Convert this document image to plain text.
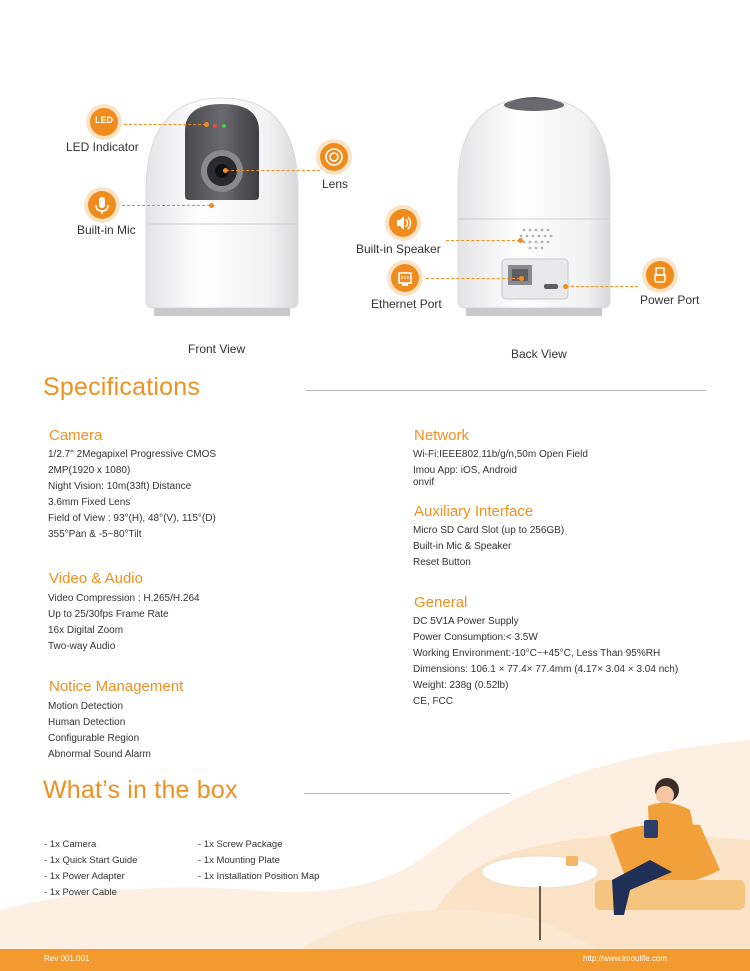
LED
LED Indicator
Built-in Mic
Lens
Front View
Built-in Speaker
Ethernet Port	Power Port
Back View
Specifications
Camera
1/2.7" 2Megapixel Progressive CMOS
2MP(1920 x 1080)
Night Vision: 10m(33ft) Distance
3.6mm Fixed Lens
Field of View : 93°(H), 48°(V), 115°(D)
355°Pan & -5~80°Tilt
Video & Audio
Video Compression : H.265/H.264
Up to 25/30fps Frame Rate
16x Digital Zoom
Two-way Audio
Notice Management
Motion Detection
Human Detection
Configurable Region
Abnormal Sound Alarm
Network
Wi-Fi:IEEE802.11b/g/n,50m Open Field
Imou App: iOS, Android
onvif
Auxiliary Interface
Micro SD Card Slot (up to 256GB)
Built-in Mic & Speaker
Reset Button
General
DC 5V1A Power Supply
Power Consumption:< 3.5W
Working Environment:-10°C~+45°C, Less Than 95%RH
Dimensions: 106.1 × 77.4× 77.4mm (4.17× 3.04 × 3.04 nch)
Weight: 238g (0.52lb)
CE, FCC
What’s in the box
- 1x Camera
- 1x Quick Start Guide
- 1x Power Adapter
- 1x Power Cable
- 1x Screw Package
- 1x Mounting Plate
- 1x Installation Position Map
Rev 001.001	http://www.imoulife.com
